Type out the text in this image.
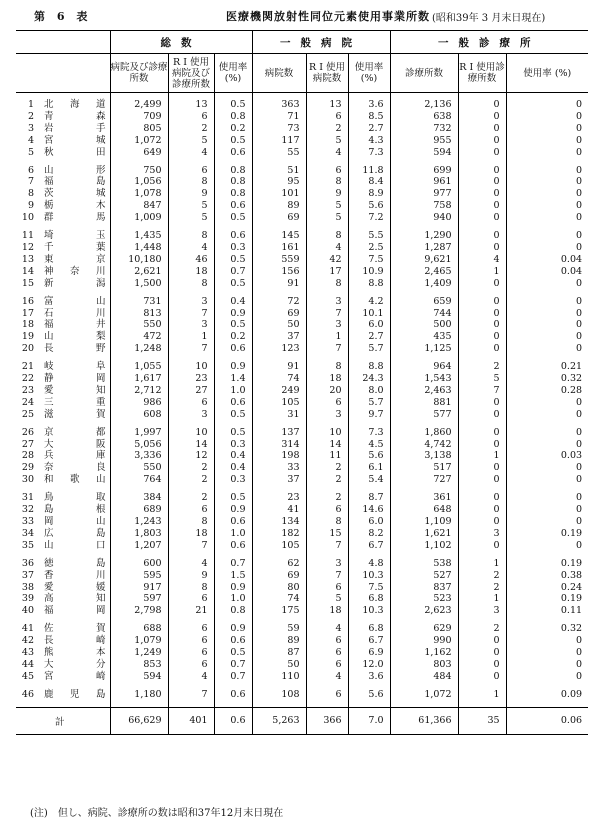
第 6 表	医療機関放射性同位元素使用事業所数 (昭和39年 3 月末日現在)
		総数			一般病院			一般診療所		
		病院及び診療所数	R I 使用病院及び診療所数	使用率 (%)	病院数	R I 使用病院数	使用率 (%)	診療所数	R I 使用診療所数	使用率 (%)

1	北海道	2,499	13	0.5	363	13	3.6	2,136	0	0
2	青森	709	6	0.8	71	6	8.5	638	0	0
3	岩手	805	2	0.2	73	2	2.7	732	0	0
4	宮城	1,072	5	0.5	117	5	4.3	955	0	0
5	秋田	649	4	0.6	55	4	7.3	594	0	0

6	山形	750	6	0.8	51	6	11.8	699	0	0
7	福島	1,056	8	0.8	95	8	8.4	961	0	0
8	茨城	1,078	9	0.8	101	9	8.9	977	0	0
9	栃木	847	5	0.6	89	5	5.6	758	0	0
10	群馬	1,009	5	0.5	69	5	7.2	940	0	0

11	埼玉	1,435	8	0.6	145	8	5.5	1,290	0	0
12	千葉	1,448	4	0.3	161	4	2.5	1,287	0	0
13	東京	10,180	46	0.5	559	42	7.5	9,621	4	0.04
14	神奈川	2,621	18	0.7	156	17	10.9	2,465	1	0.04
15	新潟	1,500	8	0.5	91	8	8.8	1,409	0	0

16	富山	731	3	0.4	72	3	4.2	659	0	0
17	石川	813	7	0.9	69	7	10.1	744	0	0
18	福井	550	3	0.5	50	3	6.0	500	0	0
19	山梨	472	1	0.2	37	1	2.7	435	0	0
20	長野	1,248	7	0.6	123	7	5.7	1,125	0	0

21	岐阜	1,055	10	0.9	91	8	8.8	964	2	0.21
22	静岡	1,617	23	1.4	74	18	24.3	1,543	5	0.32
23	愛知	2,712	27	1.0	249	20	8.0	2,463	7	0.28
24	三重	986	6	0.6	105	6	5.7	881	0	0
25	滋賀	608	3	0.5	31	3	9.7	577	0	0

26	京都	1,997	10	0.5	137	10	7.3	1,860	0	0
27	大阪	5,056	14	0.3	314	14	4.5	4,742	0	0
28	兵庫	3,336	12	0.4	198	11	5.6	3,138	1	0.03
29	奈良	550	2	0.4	33	2	6.1	517	0	0
30	和歌山	764	2	0.3	37	2	5.4	727	0	0

31	鳥取	384	2	0.5	23	2	8.7	361	0	0
32	島根	689	6	0.9	41	6	14.6	648	0	0
33	岡山	1,243	8	0.6	134	8	6.0	1,109	0	0
34	広島	1,803	18	1.0	182	15	8.2	1,621	3	0.19
35	山口	1,207	7	0.6	105	7	6.7	1,102	0	0

36	徳島	600	4	0.7	62	3	4.8	538	1	0.19
37	香川	595	9	1.5	69	7	10.3	527	2	0.38
38	愛媛	917	8	0.9	80	6	7.5	837	2	0.24
39	高知	597	6	1.0	74	5	6.8	523	1	0.19
40	福岡	2,798	21	0.8	175	18	10.3	2,623	3	0.11

41	佐賀	688	6	0.9	59	4	6.8	629	2	0.32
42	長崎	1,079	6	0.6	89	6	6.7	990	0	0
43	熊本	1,249	6	0.5	87	6	6.9	1,162	0	0
44	大分	853	6	0.7	50	6	12.0	803	0	0
45	宮崎	594	4	0.7	110	4	3.6	484	0	0

46	鹿児島	1,180	7	0.6	108	6	5.6	1,072	1	0.09

計		66,629	401	0.6	5,263	366	7.0	61,366	35	0.06
(注) 但し、病院、診療所の数は昭和37年12月末日現在
